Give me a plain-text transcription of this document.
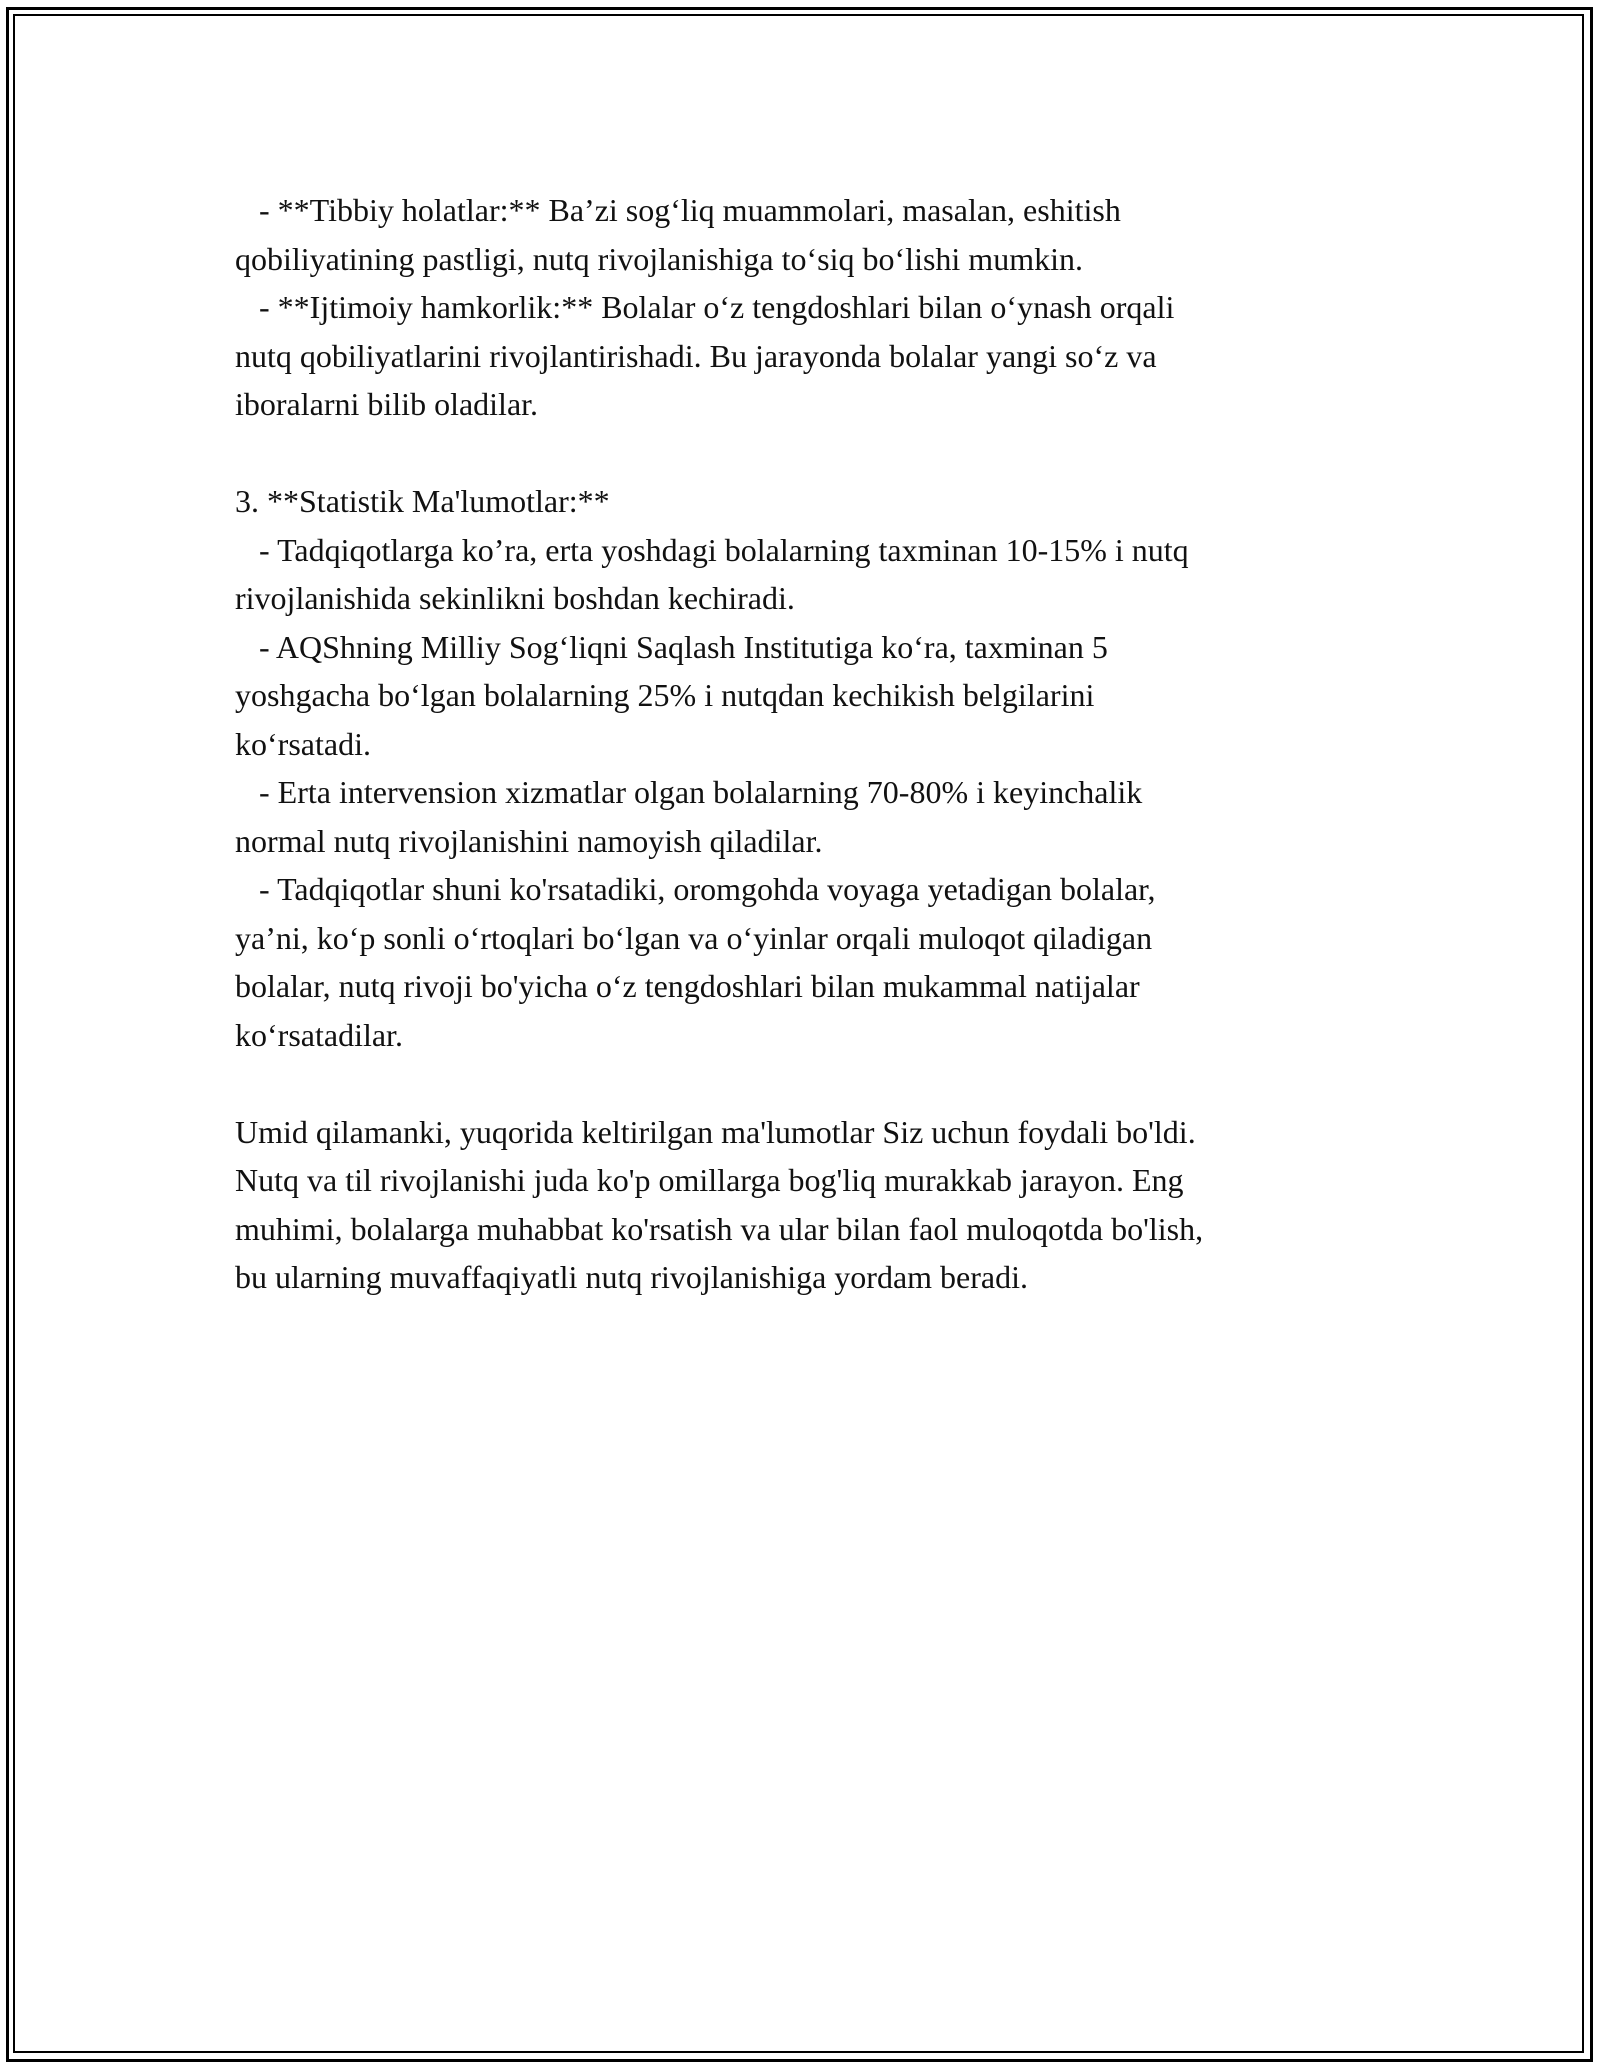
- **Tibbiy holatlar:** Ba’zi sog‘liq muammolari, masalan, eshitish
qobiliyatining pastligi, nutq rivojlanishiga to‘siq bo‘lishi mumkin.
- **Ijtimoiy hamkorlik:** Bolalar o‘z tengdoshlari bilan o‘ynash orqali
nutq qobiliyatlarini rivojlantirishadi. Bu jarayonda bolalar yangi so‘z va
iboralarni bilib oladilar.
3. **Statistik Ma'lumotlar:**
- Tadqiqotlarga ko’ra, erta yoshdagi bolalarning taxminan 10-15% i nutq
rivojlanishida sekinlikni boshdan kechiradi.
- AQShning Milliy Sog‘liqni Saqlash Institutiga ko‘ra, taxminan 5
yoshgacha bo‘lgan bolalarning 25% i nutqdan kechikish belgilarini
ko‘rsatadi.
- Erta intervension xizmatlar olgan bolalarning 70-80% i keyinchalik
normal nutq rivojlanishini namoyish qiladilar.
- Tadqiqotlar shuni ko'rsatadiki, oromgohda voyaga yetadigan bolalar,
ya’ni, ko‘p sonli o‘rtoqlari bo‘lgan va o‘yinlar orqali muloqot qiladigan
bolalar, nutq rivoji bo'yicha o‘z tengdoshlari bilan mukammal natijalar
ko‘rsatadilar.
Umid qilamanki, yuqorida keltirilgan ma'lumotlar Siz uchun foydali bo'ldi.
Nutq va til rivojlanishi juda ko'p omillarga bog'liq murakkab jarayon. Eng
muhimi, bolalarga muhabbat ko'rsatish va ular bilan faol muloqotda bo'lish,
bu ularning muvaffaqiyatli nutq rivojlanishiga yordam beradi.
